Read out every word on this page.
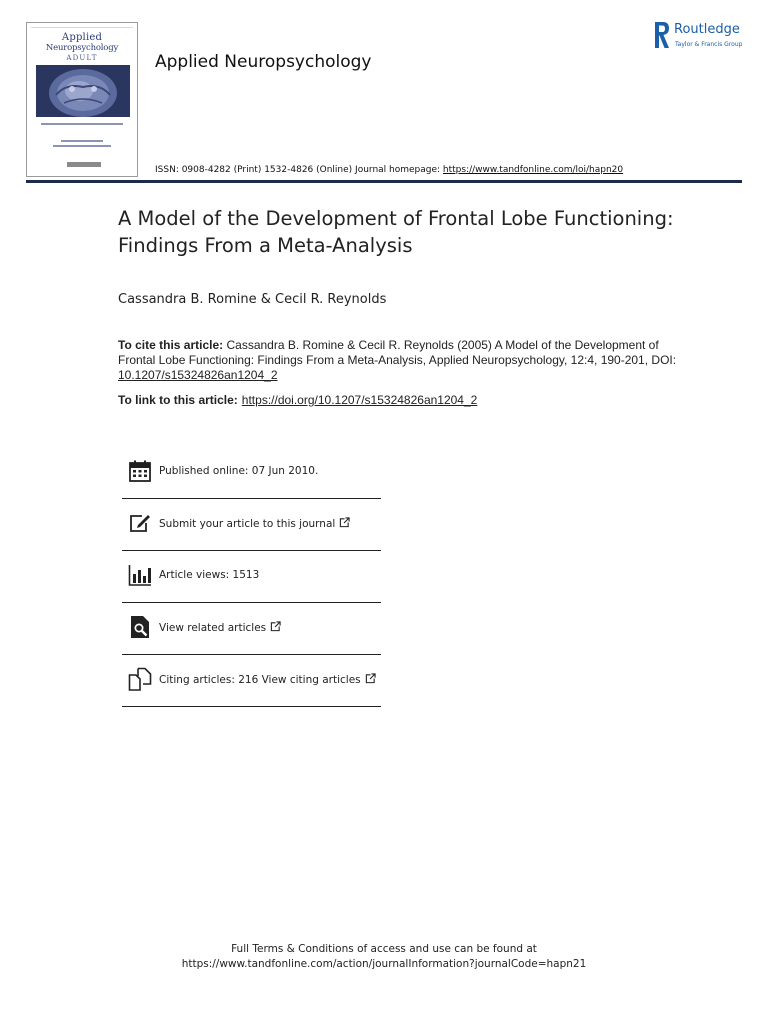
Applied
Neuropsychology
ADULT	Applied Neuropsychology
ISSN: 0908-4282 (Print) 1532-4826 (Online) Journal homepage: https://www.tandfonline.com/loi/hapn20
Routledge
Taylor & Francis Group
A Model of the Development of Frontal Lobe Functioning: Findings From a Meta-Analysis
Cassandra B. Romine & Cecil R. Reynolds
To cite this article: Cassandra B. Romine & Cecil R. Reynolds (2005) A Model of the Development of Frontal Lobe Functioning: Findings From a Meta-Analysis, Applied Neuropsychology, 12:4, 190-201, DOI: 10.1207/s15324826an1204_2
To link to this article: https://doi.org/10.1207/s15324826an1204_2
Published online: 07 Jun 2010.
Submit your article to this journal
Article views: 1513
View related articles
Citing articles: 216 View citing articles
Full Terms & Conditions of access and use can be found at
https://www.tandfonline.com/action/journalInformation?journalCode=hapn21
